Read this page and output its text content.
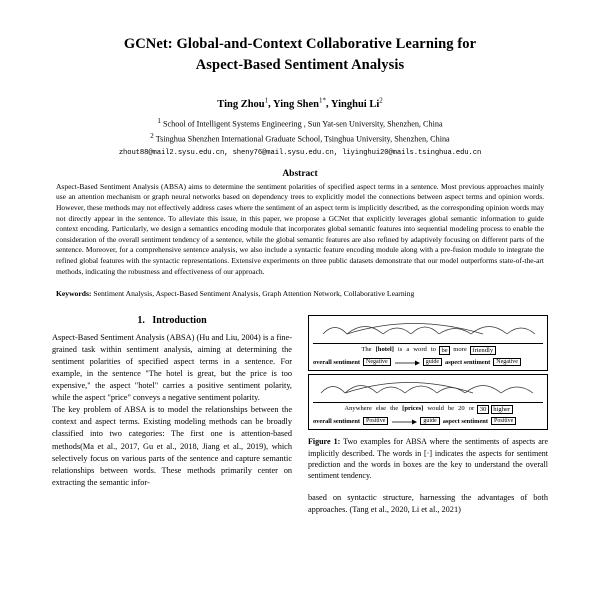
GCNet: Global-and-Context Collaborative Learning for
Aspect-Based Sentiment Analysis
Ting Zhou$^1$, Ying Shen$^{1*}$, Yinghui Li$^2$
$^1$ School of Intelligent Systems Engineering , Sun Yat-sen University, Shenzhen, China
$^2$ Tsinghua Shenzhen International Graduate School, Tsinghua University, Shenzhen, China
zhout88@mail2.sysu.edu.cn, sheny76@mail.sysu.edu.cn, liyinghui20@mails.tsinghua.edu.cn
Abstract
Aspect-Based Sentiment Analysis (ABSA) aims to determine the sentiment polarities of specified aspect terms in a sentence. Most previous approaches mainly use an attention mechanism or graph neural networks based on dependency trees to explicitly model the connections between aspect terms and opinion words. However, these methods may not effectively address cases where the sentiment of an aspect term is implicitly described, as the corresponding opinion words may not directly appear in the sentence. To alleviate this issue, in this paper, we propose a GCNet that explicitly leverages global semantic information to guide context encoding. Particularly, we design a semantics encoding module that incorporates global semantic features into sequential modeling process to enable the consideration of the overall sentiment tendency of a sentence, while the global semantic features are also refined by adaptively focusing on different parts of the sentence. Moreover, for a comprehensive sentence analysis, we also include a syntactic feature encoding module along with a pre-fusion module to integrate the refined global features with the syntactic representations. Extensive experiments on three public datasets demonstrate that our model outperforms state-of-the-art methods, indicating the robustness and effectiveness of our approach.
Keywords: Sentiment Analysis, Aspect-Based Sentiment Analysis, Graph Attention Network, Collaborative Learning
1. Introduction

Aspect-Based Sentiment Analysis (ABSA) (Hu and Liu, 2004) is a fine-grained task within sentiment analysis, aiming at determining the sentiment polarities of specified aspect terms in a sentence. For example, in the sentence "The hotel is great, but the price is too expensive," the aspect "hotel" carries a positive sentiment polarity, while the aspect "price" conveys a negative sentiment polarity.

The key problem of ABSA is to model the relationships between the context and aspect terms. Existing modeling methods can be broadly classified into two categories: The first one is attention-based methods(Ma et al., 2017, Gu et al., 2018, Jiang et al., 2019), which selectively focus on various parts of the sentence and capture semantic relationships between words. These methods primarily center on extracting the semantic infor-

The [hotel] is a word to be more friendly
overall sentiment	Negative	guide aspect sentiment	Negative
Anywhere else the [prices] would be 20 or 30	higher
overall sentiment	Positive	guide aspect sentiment	Positive
Figure 1: Two examples for ABSA where the sentiments of aspects are implicitly described. The words in [·] indicates the aspects for sentiment prediction and the words in boxes are the key to understand the overall sentiment tendency.

based on syntactic structure, harnessing the advantages of both approaches. (Tang et al., 2020, Li et al., 2021)
